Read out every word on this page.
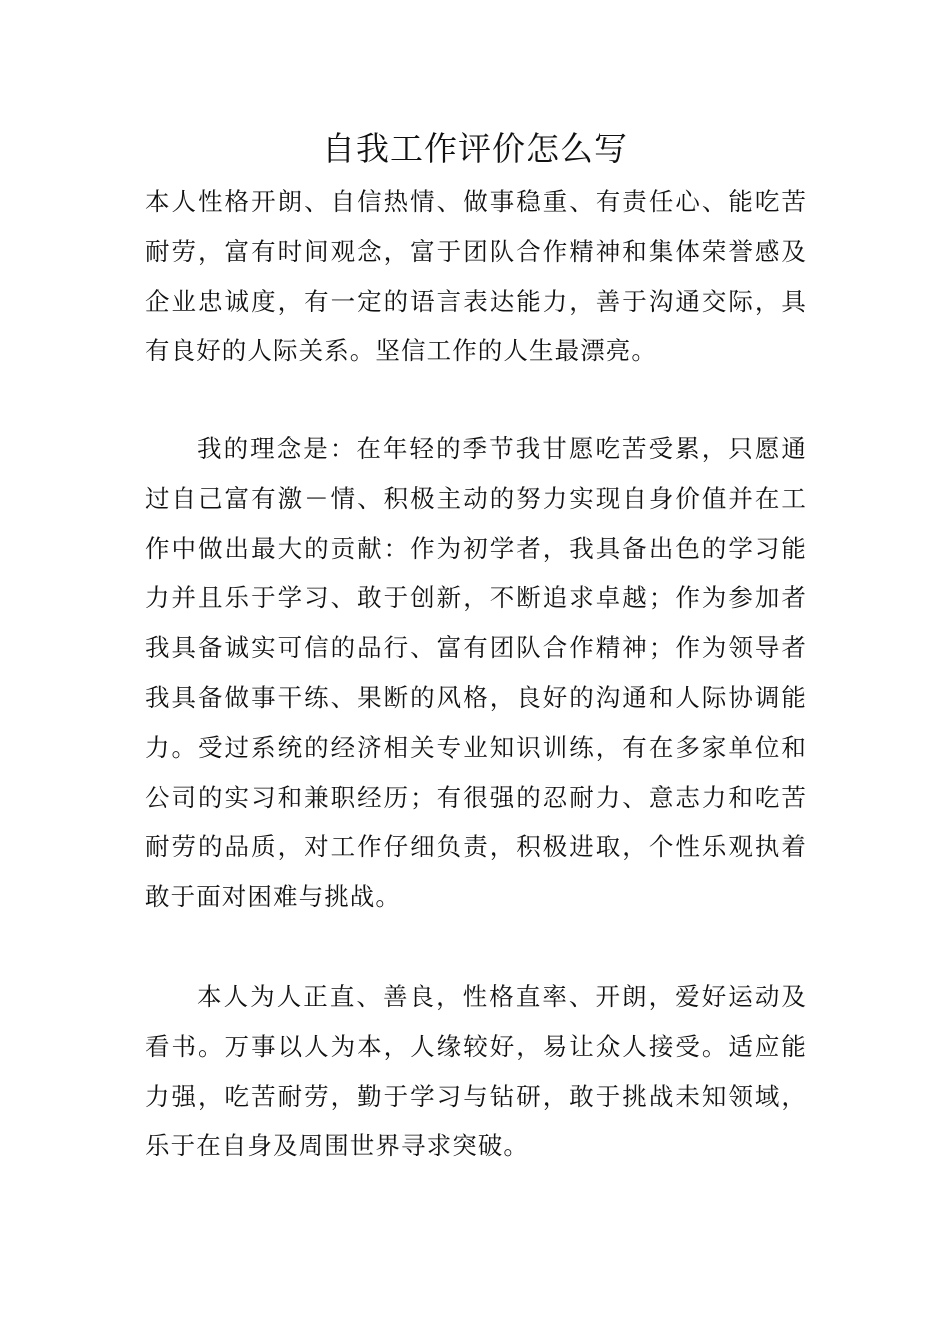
自我工作评价怎么写

本人性格开朗、自信热情、做事稳重、有责任心、能吃苦耐劳，富有时间观念，富于团队合作精神和集体荣誉感及企业忠诚度，有一定的语言表达能力，善于沟通交际，具有良好的人际关系。坚信工作的人生最漂亮。

我的理念是：在年轻的季节我甘愿吃苦受累，只愿通过自己富有激－情、积极主动的努力实现自身价值并在工作中做出最大的贡献：作为初学者，我具备出色的学习能力并且乐于学习、敢于创新，不断追求卓越；作为参加者我具备诚实可信的品行、富有团队合作精神；作为领导者我具备做事干练、果断的风格，良好的沟通和人际协调能力。受过系统的经济相关专业知识训练，有在多家单位和公司的实习和兼职经历；有很强的忍耐力、意志力和吃苦耐劳的品质，对工作仔细负责，积极进取，个性乐观执着敢于面对困难与挑战。

本人为人正直、善良，性格直率、开朗，爱好运动及看书。万事以人为本，人缘较好，易让众人接受。适应能力强，吃苦耐劳，勤于学习与钻研，敢于挑战未知领域，乐于在自身及周围世界寻求突破。
